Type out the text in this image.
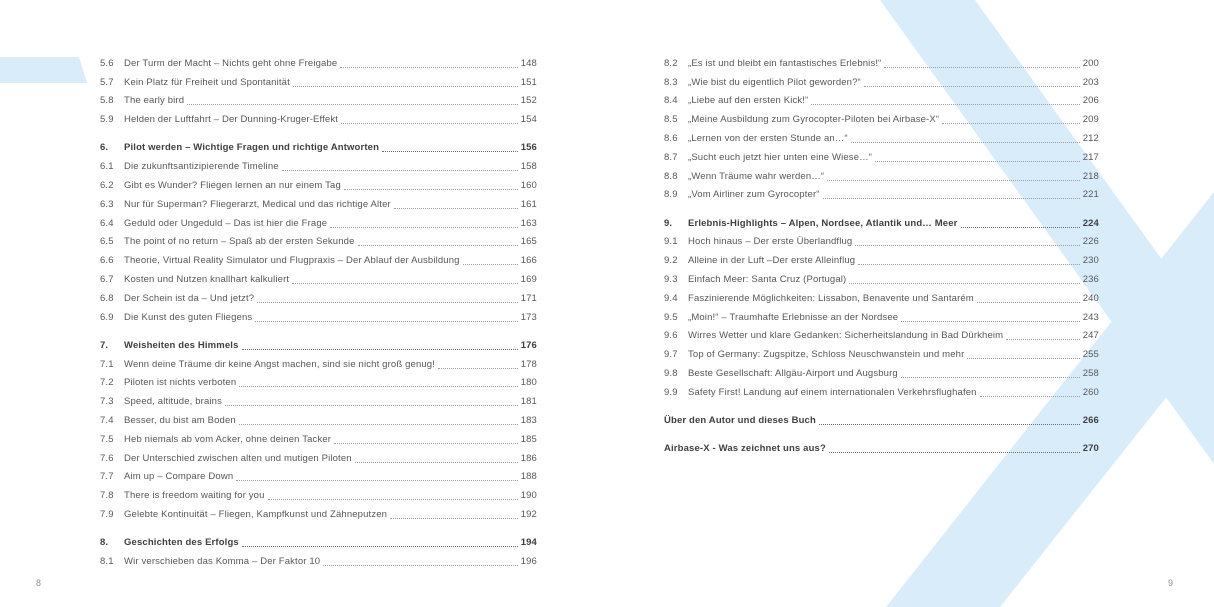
5.6	Der Turm der Macht – Nichts geht ohne Freigabe	148
5.7	Kein Platz für Freiheit und Spontanität	151
5.8	The early bird	152
5.9	Helden der Luftfahrt – Der Dunning-Kruger-Effekt	154
6.	Pilot werden – Wichtige Fragen und richtige Antworten	156
6.1	Die zukunftsantizipierende Timeline	158
6.2	Gibt es Wunder? Fliegen lernen an nur einem Tag	160
6.3	Nur für Superman? Fliegerarzt, Medical und das richtige Alter	161
6.4	Geduld oder Ungeduld – Das ist hier die Frage	163
6.5	The point of no return – Spaß ab der ersten Sekunde	165
6.6	Theorie, Virtual Reality Simulator und Flugpraxis – Der Ablauf der Ausbildung	166
6.7	Kosten und Nutzen knallhart kalkuliert	169
6.8	Der Schein ist da – Und jetzt?	171
6.9	Die Kunst des guten Fliegens	173
7.	Weisheiten des Himmels	176
7.1	Wenn deine Träume dir keine Angst machen, sind sie nicht groß genug!	178
7.2	Piloten ist nichts verboten	180
7.3	Speed, altitude, brains	181
7.4	Besser, du bist am Boden	183
7.5	Heb niemals ab vom Acker, ohne deinen Tacker	185
7.6	Der Unterschied zwischen alten und mutigen Piloten	186
7.7	Aim up – Compare Down	188
7.8	There is freedom waiting for you	190
7.9	Gelebte Kontinuität – Fliegen, Kampfkunst und Zähneputzen	192
8.	Geschichten des Erfolgs	194
8.1	Wir verschieben das Komma – Der Faktor 10	196
8.2	„Es ist und bleibt ein fantastisches Erlebnis!“	200
8.3	„Wie bist du eigentlich Pilot geworden?“	203
8.4	„Liebe auf den ersten Kick!“	206
8.5	„Meine Ausbildung zum Gyrocopter-Piloten bei Airbase-X“	209
8.6	„Lernen von der ersten Stunde an…“	212
8.7	„Sucht euch jetzt hier unten eine Wiese…“	217
8.8	„Wenn Träume wahr werden…“	218
8.9	„Vom Airliner zum Gyrocopter“	221
9.	Erlebnis-Highlights – Alpen, Nordsee, Atlantik und… Meer	224
9.1	Hoch hinaus – Der erste Überlandflug	226
9.2	Alleine in der Luft –Der erste Alleinflug	230
9.3	Einfach Meer: Santa Cruz (Portugal)	236
9.4	Faszinierende Möglichkeiten: Lissabon, Benavente und Santarém	240
9.5	„Moin!“ – Traumhafte Erlebnisse an der Nordsee	243
9.6	Wirres Wetter und klare Gedanken: Sicherheitslandung in Bad Dürkheim	247
9.7	Top of Germany: Zugspitze, Schloss Neuschwanstein und mehr	255
9.8	Beste Gesellschaft: Allgäu-Airport und Augsburg	258
9.9	Safety First! Landung auf einem internationalen Verkehrsflughafen	260
Über den Autor und dieses Buch	266
Airbase-X - Was zeichnet uns aus?	270
8	9
